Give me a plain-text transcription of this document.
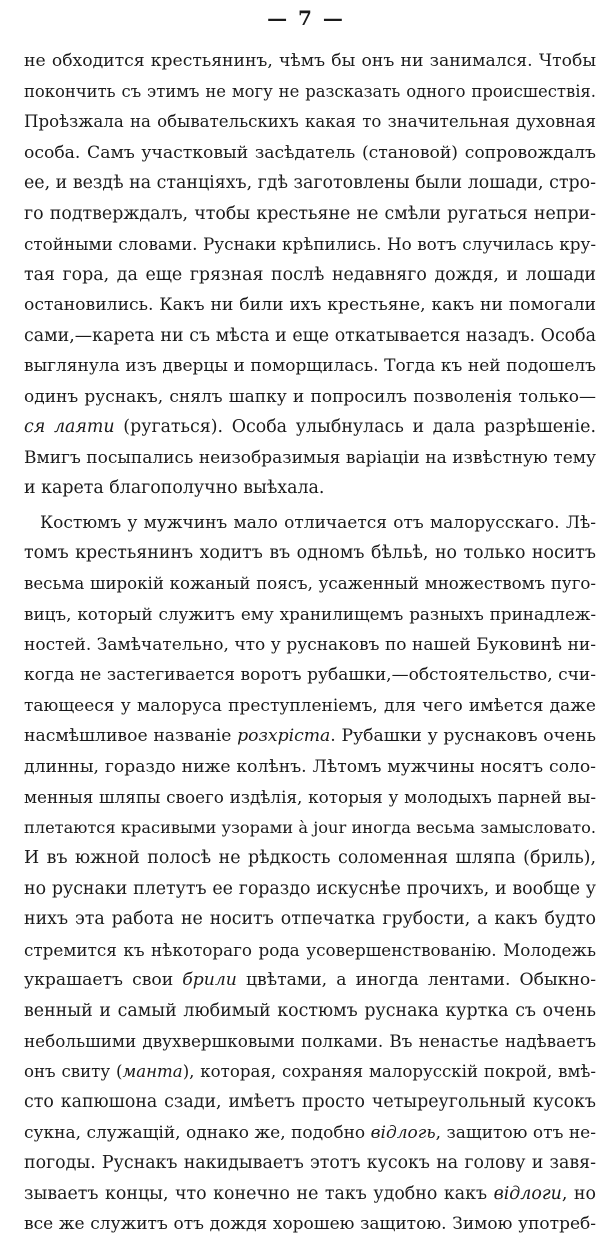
— 7 —
не обходится крестьянинъ, чѣмъ бы онъ ни занимался. Чтобы
покончить съ этимъ не могу не разсказать одного происшествія.
Проѣзжала на обывательскихъ какая то значительная духовная
особа. Самъ участковый засѣдатель (становой) сопровождалъ
ее, и вездѣ на станціяхъ, гдѣ заготовлены были лошади, стро-
го подтверждалъ, чтобы крестьяне не смѣли ругаться непри-
стойными словами. Руснаки крѣпились. Но вотъ случилась кру-
тая гора, да еще грязная послѣ недавняго дождя, и лошади
остановились. Какъ ни били ихъ крестьяне, какъ ни помогали
сами,—карета ни съ мѣста и еще откатывается назадъ. Особа
выглянула изъ дверцы и поморщилась. Тогда къ ней подошелъ
одинъ руснакъ, снялъ шапку и попросилъ позволенія только—
ся лаяти (ругаться). Особа улыбнулась и дала разрѣшеніе.
Вмигъ посыпались неизобразимыя варіаціи на извѣстную тему
и карета благополучно выѣхала.
Костюмъ у мужчинъ мало отличается отъ малорусскаго. Лѣ-
томъ крестьянинъ ходитъ въ одномъ бѣльѣ, но только носитъ
весьма широкій кожаный поясъ, усаженный множествомъ пуго-
вицъ, который служитъ ему хранилищемъ разныхъ принадлеж-
ностей. Замѣчательно, что у руснаковъ по нашей Буковинѣ ни-
когда не застегивается воротъ рубашки,—обстоятельство, счи-
тающееся у малоруса преступленіемъ, для чего имѣется даже
насмѣшливое названіе розхріста. Рубашки у руснаковъ очень
длинны, гораздо ниже колѣнъ. Лѣтомъ мужчины носятъ соло-
менныя шляпы своего издѣлія, которыя у молодыхъ парней вы-
плетаются красивыми узорами à jour иногда весьма замысловато.
И въ южной полосѣ не рѣдкость соломенная шляпа (бриль),
но руснаки плетутъ ее гораздо искуснѣе прочихъ, и вообще у
нихъ эта работа не носитъ отпечатка грубости, а какъ будто
стремится къ нѣкотораго рода усовершенствованію. Молодежь
украшаетъ свои брили цвѣтами, а иногда лентами. Обыкно-
венный и самый любимый костюмъ руснака куртка съ очень
небольшими двухвершковыми полками. Въ ненастье надѣваетъ
онъ свиту (манта), которая, сохраняя малорусскій покрой, вмѣ-
сто капюшона сзади, имѣетъ просто четыреугольный кусокъ
сукна, служащій, однако же, подобно відлогь, защитою отъ не-
погоды. Руснакъ накидываетъ этотъ кусокъ на голову и завя-
зываетъ концы, что конечно не такъ удобно какъ відлоги, но
все же служитъ отъ дождя хорошею защитою. Зимою употреб-
